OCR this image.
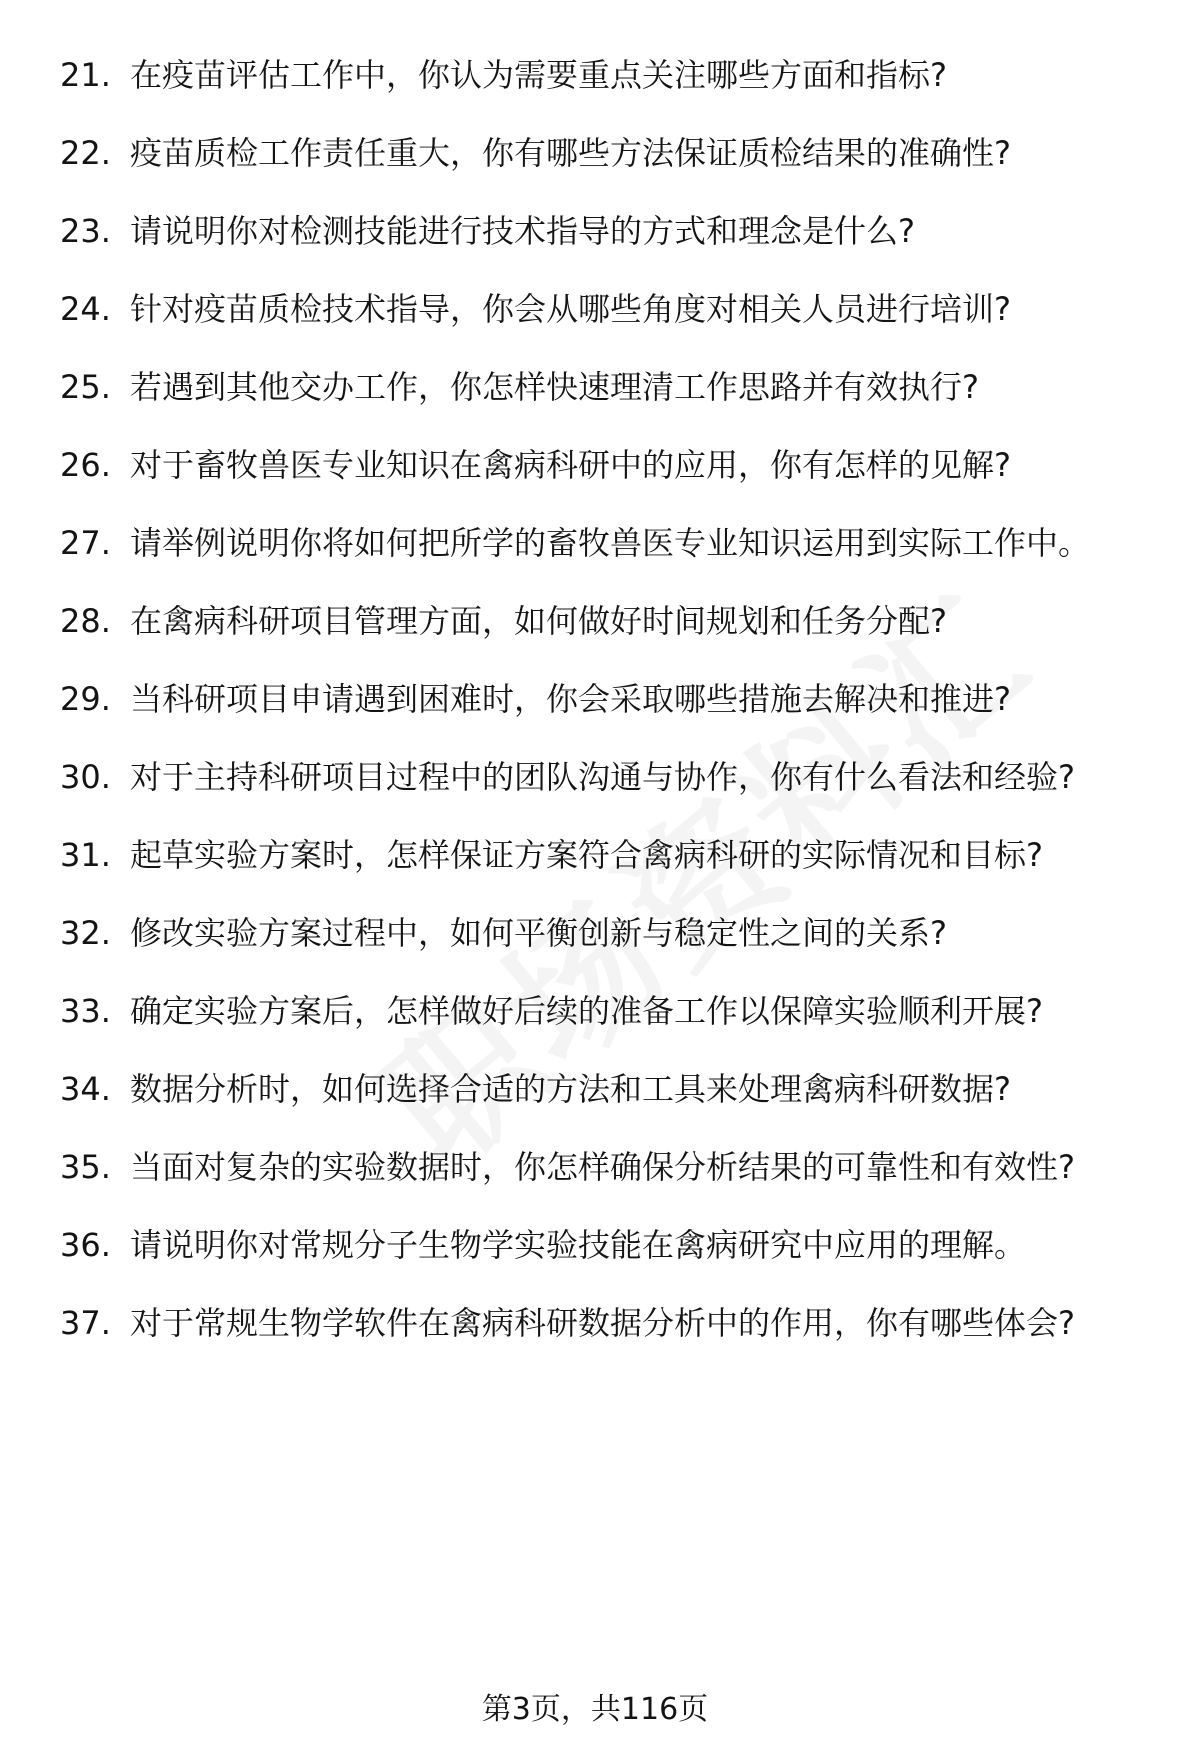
21. 在疫苗评估工作中，你认为需要重点关注哪些方面和指标?
22. 疫苗质检工作责任重大，你有哪些方法保证质检结果的准确性?
23. 请说明你对检测技能进行技术指导的方式和理念是什么?
24. 针对疫苗质检技术指导，你会从哪些角度对相关人员进行培训?
25. 若遇到其他交办工作，你怎样快速理清工作思路并有效执行?
26. 对于畜牧兽医专业知识在禽病科研中的应用，你有怎样的见解?
27. 请举例说明你将如何把所学的畜牧兽医专业知识运用到实际工作中。
28. 在禽病科研项目管理方面，如何做好时间规划和任务分配?
29. 当科研项目申请遇到困难时，你会采取哪些措施去解决和推进?
30. 对于主持科研项目过程中的团队沟通与协作，你有什么看法和经验?
31. 起草实验方案时，怎样保证方案符合禽病科研的实际情况和目标?
32. 修改实验方案过程中，如何平衡创新与稳定性之间的关系?
33. 确定实验方案后，怎样做好后续的准备工作以保障实验顺利开展?
34. 数据分析时，如何选择合适的方法和工具来处理禽病科研数据?
35. 当面对复杂的实验数据时，你怎样确保分析结果的可靠性和有效性?
36. 请说明你对常规分子生物学实验技能在禽病研究中应用的理解。
37. 对于常规生物学软件在禽病科研数据分析中的作用，你有哪些体会?
第3页，共116页
